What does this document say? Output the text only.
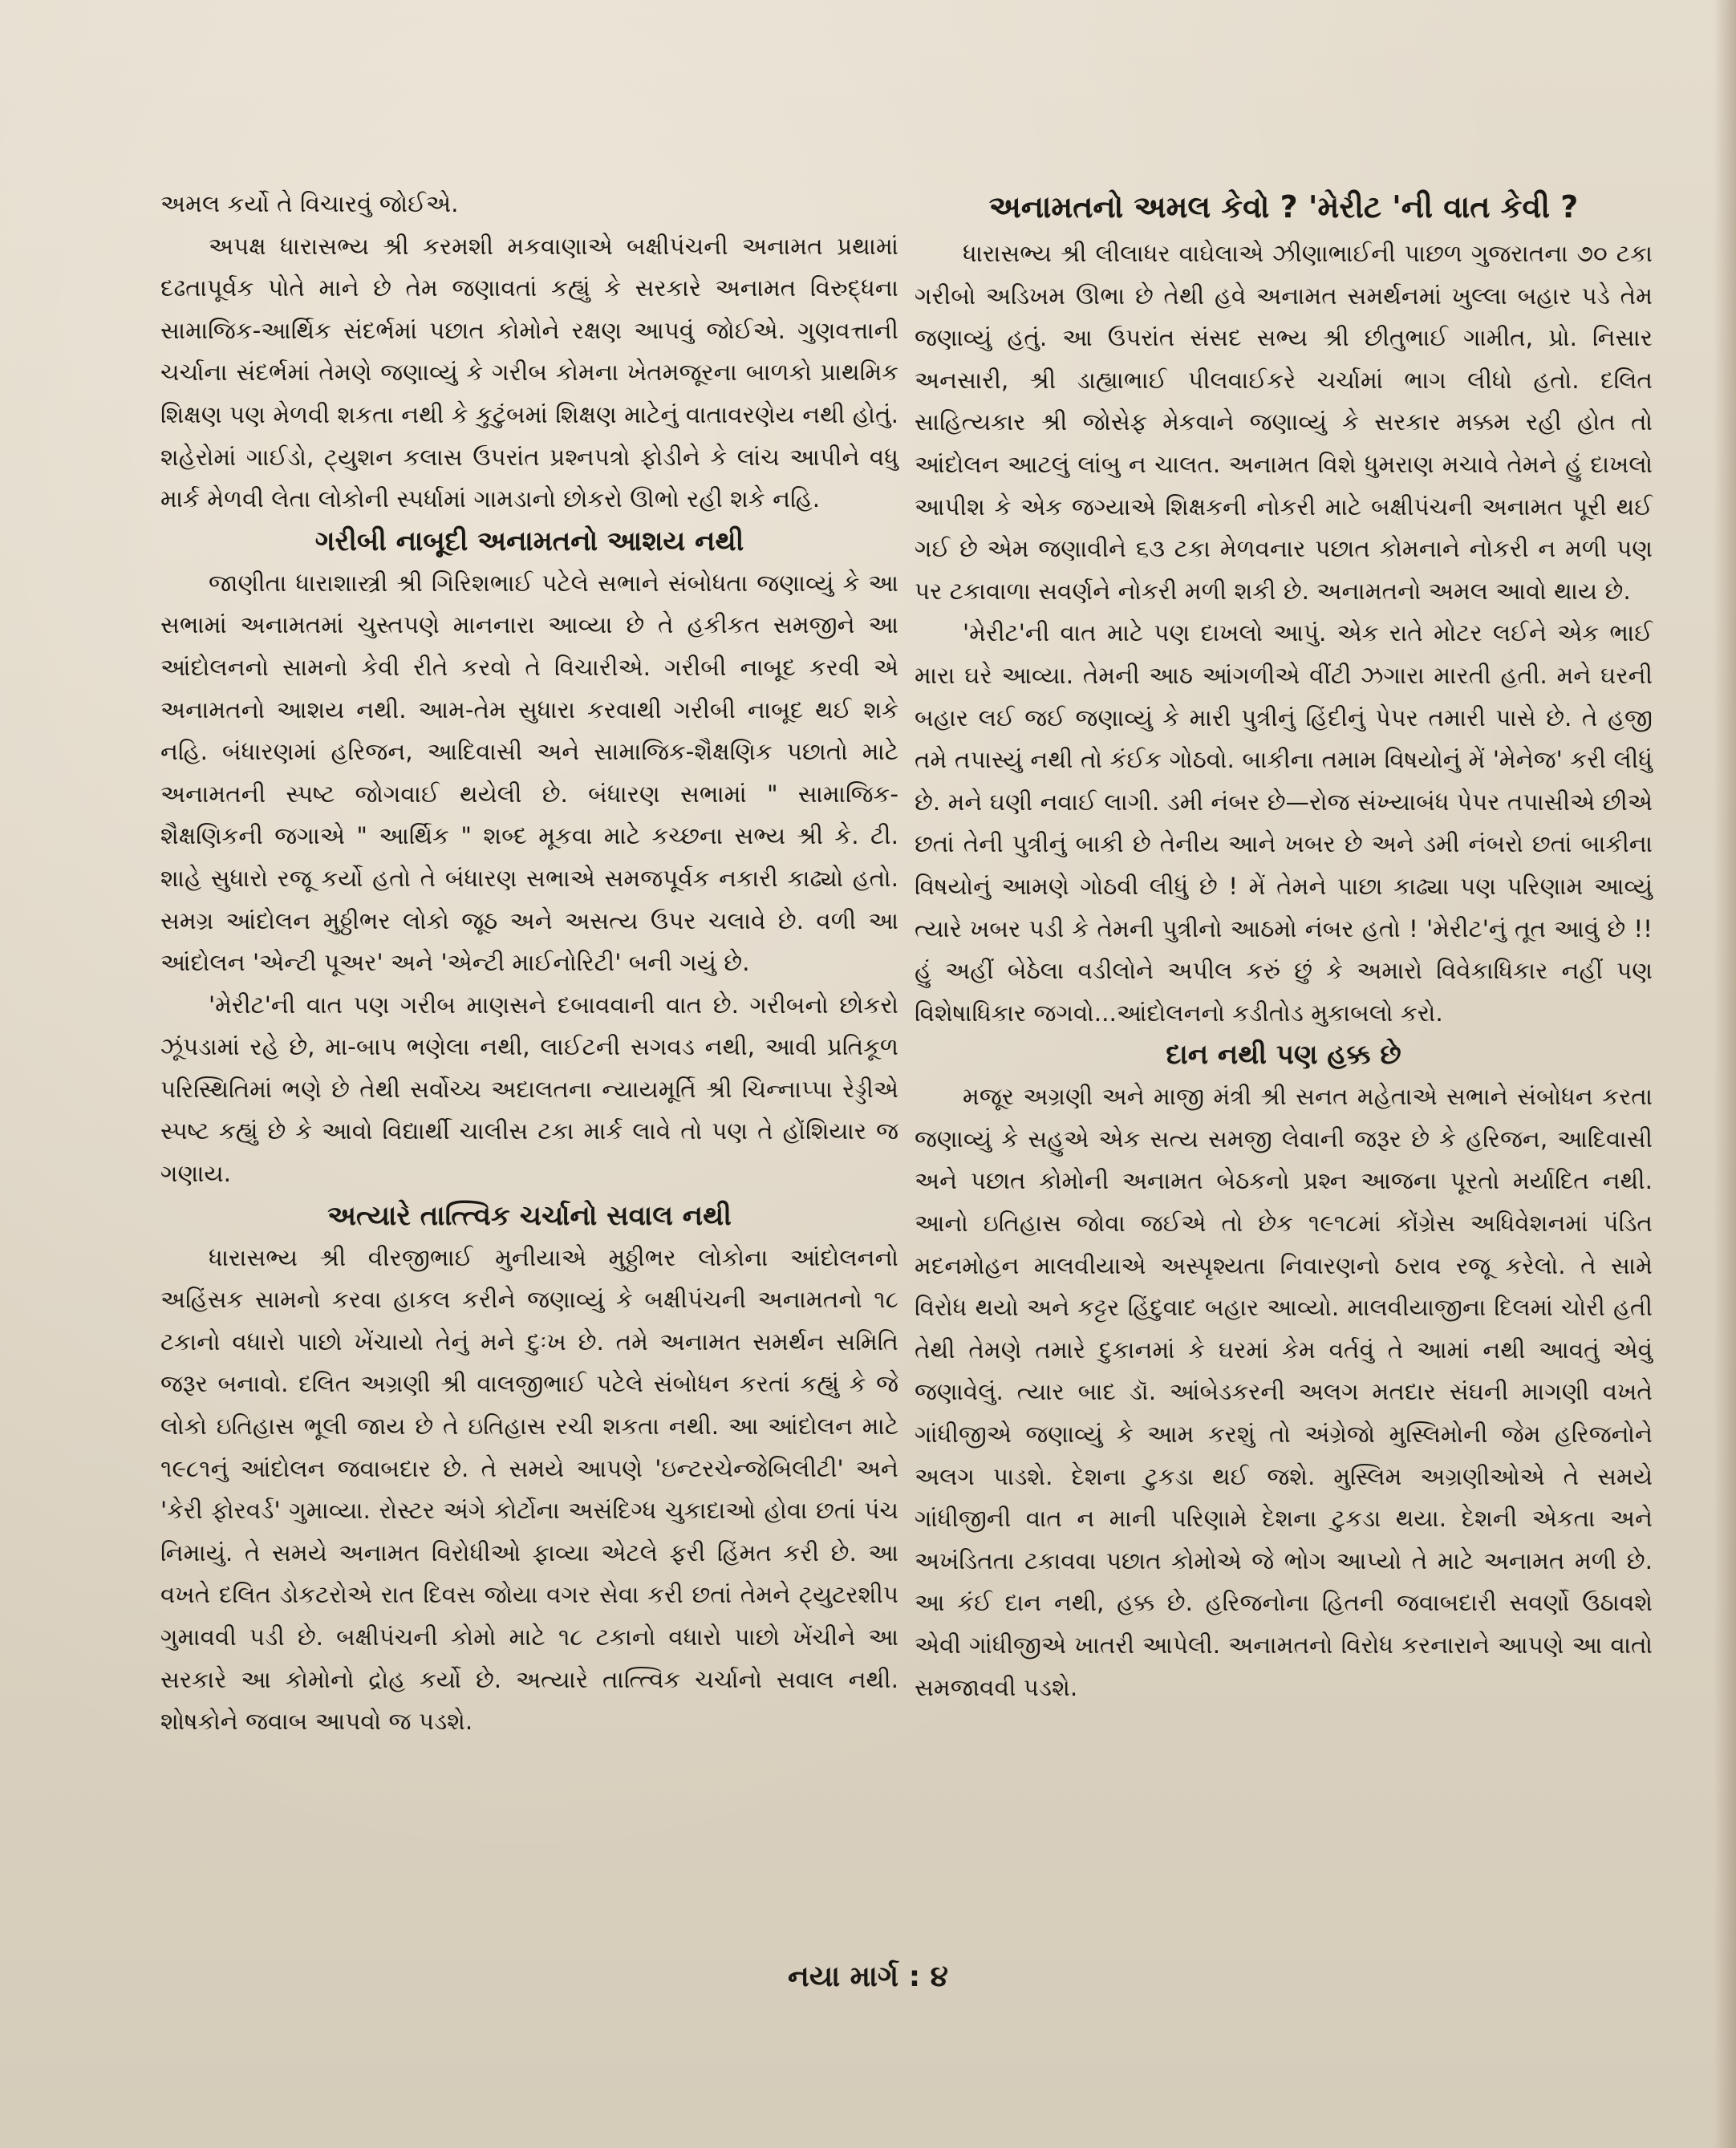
અમલ કર્યો તે વિચારવું જોઈએ.

અપક્ષ ધારાસભ્ય શ્રી કરમશી મકવાણાએ બક્ષીપંચની અનામત પ્રથામાં દઢતાપૂર્વક પોતે માને છે તેમ જણાવતાં કહ્યું કે સરકારે અનામત વિરુદ્ધના સામાજિક-આર્થિક સંદર્ભમાં પછાત કોમોને રક્ષણ આપવું જોઈએ. ગુણવત્તાની ચર્ચાના સંદર્ભમાં તેમણે જણાવ્યું કે ગરીબ કોમના ખેતમજૂરના બાળકો પ્રાથમિક શિક્ષણ પણ મેળવી શકતા નથી કે કુટુંબમાં શિક્ષણ માટેનું વાતાવરણેય નથી હોતું. શહેરોમાં ગાઈડો, ટ્યુશન કલાસ ઉપરાંત પ્રશ્નપત્રો ફોડીને કે લાંચ આપીને વધુ માર્ક મેળવી લેતા લોકોની સ્પર્ધામાં ગામડાનો છોકરો ઊભો રહી શકે નહિ.

ગરીબી નાબૂદી અનામતનો આશય નથી

જાણીતા ધારાશાસ્ત્રી શ્રી ગિરિશભાઈ પટેલે સભાને સંબોધતા જણાવ્યું કે આ સભામાં અનામતમાં ચુસ્તપણે માનનારા આવ્યા છે તે હકીકત સમજીને આ આંદોલનનો સામનો કેવી રીતે કરવો તે વિચારીએ. ગરીબી નાબૂદ કરવી એ અનામતનો આશય નથી. આમ-તેમ સુધારા કરવાથી ગરીબી નાબૂદ થઈ શકે નહિ. બંધારણમાં હરિજન, આદિવાસી અને સામાજિક-શૈક્ષણિક પછાતો માટે અનામતની સ્પષ્ટ જોગવાઈ થયેલી છે. બંધારણ સભામાં " સામાજિક-શૈક્ષણિકની જગાએ " આર્થિક " શબ્દ મૂકવા માટે કચ્છના સભ્ય શ્રી કે. ટી. શાહે સુધારો રજૂ કર્યો હતો તે બંધારણ સભાએ સમજપૂર્વક નકારી કાઢ્યો હતો. સમગ્ર આંદોલન મુઠ્ઠીભર લોકો જૂઠ અને અસત્ય ઉપર ચલાવે છે. વળી આ આંદોલન 'એન્ટી પૂઅર' અને 'એન્ટી માઈનોરિટી' બની ગયું છે.

'મેરીટ'ની વાત પણ ગરીબ માણસને દબાવવાની વાત છે. ગરીબનો છોકરો ઝૂંપડામાં રહે છે, મા-બાપ ભણેલા નથી, લાઈટની સગવડ નથી, આવી પ્રતિકૂળ પરિસ્થિતિમાં ભણે છે તેથી સર્વોચ્ચ અદાલતના ન્યાયમૂર્તિ શ્રી ચિન્નાપ્પા રેડ્ડીએ સ્પષ્ટ કહ્યું છે કે આવો વિદ્યાર્થી ચાલીસ ટકા માર્ક લાવે તો પણ તે હોંશિયાર જ ગણાય.

અત્યારે તાત્ત્વિક ચર્ચાનો સવાલ નથી

ધારાસભ્ય શ્રી વીરજીભાઈ મુનીયાએ મુઠ્ઠીભર લોકોના આંદોલનનો અહિંસક સામનો કરવા હાકલ કરીને જણાવ્યું કે બક્ષીપંચની અનામતનો ૧૮ ટકાનો વધારો પાછો ખેંચાયો તેનું મને દુઃખ છે. તમે અનામત સમર્થન સમિતિ જરૂર બનાવો. દલિત અગ્રણી શ્રી વાલજીભાઈ પટેલે સંબોધન કરતાં કહ્યું કે જે લોકો ઇતિહાસ ભૂલી જાય છે તે ઇતિહાસ રચી શકતા નથી. આ આંદોલન માટે ૧૯૮૧નું આંદોલન જવાબદાર છે. તે સમયે આપણે 'ઇન્ટરચેન્જેબિલીટી' અને 'કેરી ફોરવર્ડ' ગુમાવ્યા. રોસ્ટર અંગે કોર્ટોના અસંદિગ્ધ ચુકાદાઓ હોવા છતાં પંચ નિમાયું. તે સમયે અનામત વિરોધીઓ ફાવ્યા એટલે ફરી હિંમત કરી છે. આ વખતે દલિત ડોકટરોએ રાત દિવસ જોયા વગર સેવા કરી છતાં તેમને ટ્યુટરશીપ ગુમાવવી પડી છે. બક્ષીપંચની કોમો માટે ૧૮ ટકાનો વધારો પાછો ખેંચીને આ સરકારે આ કોમોનો દ્રોહ કર્યો છે. અત્યારે તાત્ત્વિક ચર્ચાનો સવાલ નથી. શોષકોને જવાબ આપવો જ પડશે.

અનામતનો અમલ કેવો ? 'મેરીટ 'ની વાત કેવી ?

ધારાસભ્ય શ્રી લીલાધર વાઘેલાએ ઝીણાભાઈની પાછળ ગુજરાતના ૭૦ ટકા ગરીબો અડિખમ ઊભા છે તેથી હવે અનામત સમર્થનમાં ખુલ્લા બહાર પડે તેમ જણાવ્યું હતું. આ ઉપરાંત સંસદ સભ્ય શ્રી છીતુભાઈ ગામીત, પ્રો. નિસાર અનસારી, શ્રી ડાહ્યાભાઈ પીલવાઈકરે ચર્ચામાં ભાગ લીધો હતો. દલિત સાહિત્યકાર શ્રી જોસેફ મેકવાને જણાવ્યું કે સરકાર મક્કમ રહી હોત તો આંદોલન આટલું લાંબુ ન ચાલત. અનામત વિશે ધુમરાણ મચાવે તેમને હું દાખલો આપીશ કે એક જગ્યાએ શિક્ષકની નોકરી માટે બક્ષીપંચની અનામત પૂરી થઈ ગઈ છે એમ જણાવીને ૬૩ ટકા મેળવનાર પછાત કોમનાને નોકરી ન મળી પણ પર ટકાવાળા સવર્ણને નોકરી મળી શકી છે. અનામતનો અમલ આવો થાય છે.

'મેરીટ'ની વાત માટે પણ દાખલો આપું. એક રાતે મોટર લઈને એક ભાઈ મારા ઘરે આવ્યા. તેમની આઠ આંગળીએ વીંટી ઝગારા મારતી હતી. મને ઘરની બહાર લઈ જઈ જણાવ્યું કે મારી પુત્રીનું હિંદીનું પેપર તમારી પાસે છે. તે હજી તમે તપાસ્યું નથી તો કંઈક ગોઠવો. બાકીના તમામ વિષયોનું મેં 'મેનેજ' કરી લીધું છે. મને ઘણી નવાઈ લાગી. ડમી નંબર છે—રોજ સંખ્યાબંધ પેપર તપાસીએ છીએ છતાં તેની પુત્રીનું બાકી છે તેનીય આને ખબર છે અને ડમી નંબરો છતાં બાકીના વિષયોનું આમણે ગોઠવી લીધું છે ! મેં તેમને પાછા કાઢ્યા પણ પરિણામ આવ્યું ત્યારે ખબર પડી કે તેમની પુત્રીનો આઠમો નંબર હતો ! 'મેરીટ'નું તૂત આવું છે !! હું અહીં બેઠેલા વડીલોને અપીલ કરું છું કે અમારો વિવેકાધિકાર નહીં પણ વિશેષાધિકાર જગવો...આંદોલનનો કડીતોડ મુકાબલો કરો.

દાન નથી પણ હક્ક છે

મજૂર અગ્રણી અને માજી મંત્રી શ્રી સનત મહેતાએ સભાને સંબોધન કરતા જણાવ્યું કે સહુએ એક સત્ય સમજી લેવાની જરૂર છે કે હરિજન, આદિવાસી અને પછાત કોમોની અનામત બેઠકનો પ્રશ્ન આજના પૂરતો મર્યાદિત નથી. આનો ઇતિહાસ જોવા જઈએ તો છેક ૧૯૧૮માં કોંગ્રેસ અધિવેશનમાં પંડિત મદનમોહન માલવીયાએ અસ્પૃશ્યતા નિવારણનો ઠરાવ રજૂ કરેલો. તે સામે વિરોધ થયો અને કટ્ટર હિંદુવાદ બહાર આવ્યો. માલવીયાજીના દિલમાં ચોરી હતી તેથી તેમણે તમારે દુકાનમાં કે ઘરમાં કેમ વર્તવું તે આમાં નથી આવતું એવું જણાવેલું. ત્યાર બાદ ડૉ. આંબેડકરની અલગ મતદાર સંઘની માગણી વખતે ગાંધીજીએ જણાવ્યું કે આમ કરશું તો અંગ્રેજો મુસ્લિમોની જેમ હરિજનોને અલગ પાડશે. દેશના ટુકડા થઈ જશે. મુસ્લિમ અગ્રણીઓએ તે સમયે ગાંધીજીની વાત ન માની પરિણામે દેશના ટુકડા થયા. દેશની એકતા અને અખંડિતતા ટકાવવા પછાત કોમોએ જે ભોગ આપ્યો તે માટે અનામત મળી છે. આ કંઈ દાન નથી, હક્ક છે. હરિજનોના હિતની જવાબદારી સવર્ણો ઉઠાવશે એવી ગાંધીજીએ ખાતરી આપેલી. અનામતનો વિરોધ કરનારાને આપણે આ વાતો સમજાવવી પડશે.

નયા માર્ગ : ૪
